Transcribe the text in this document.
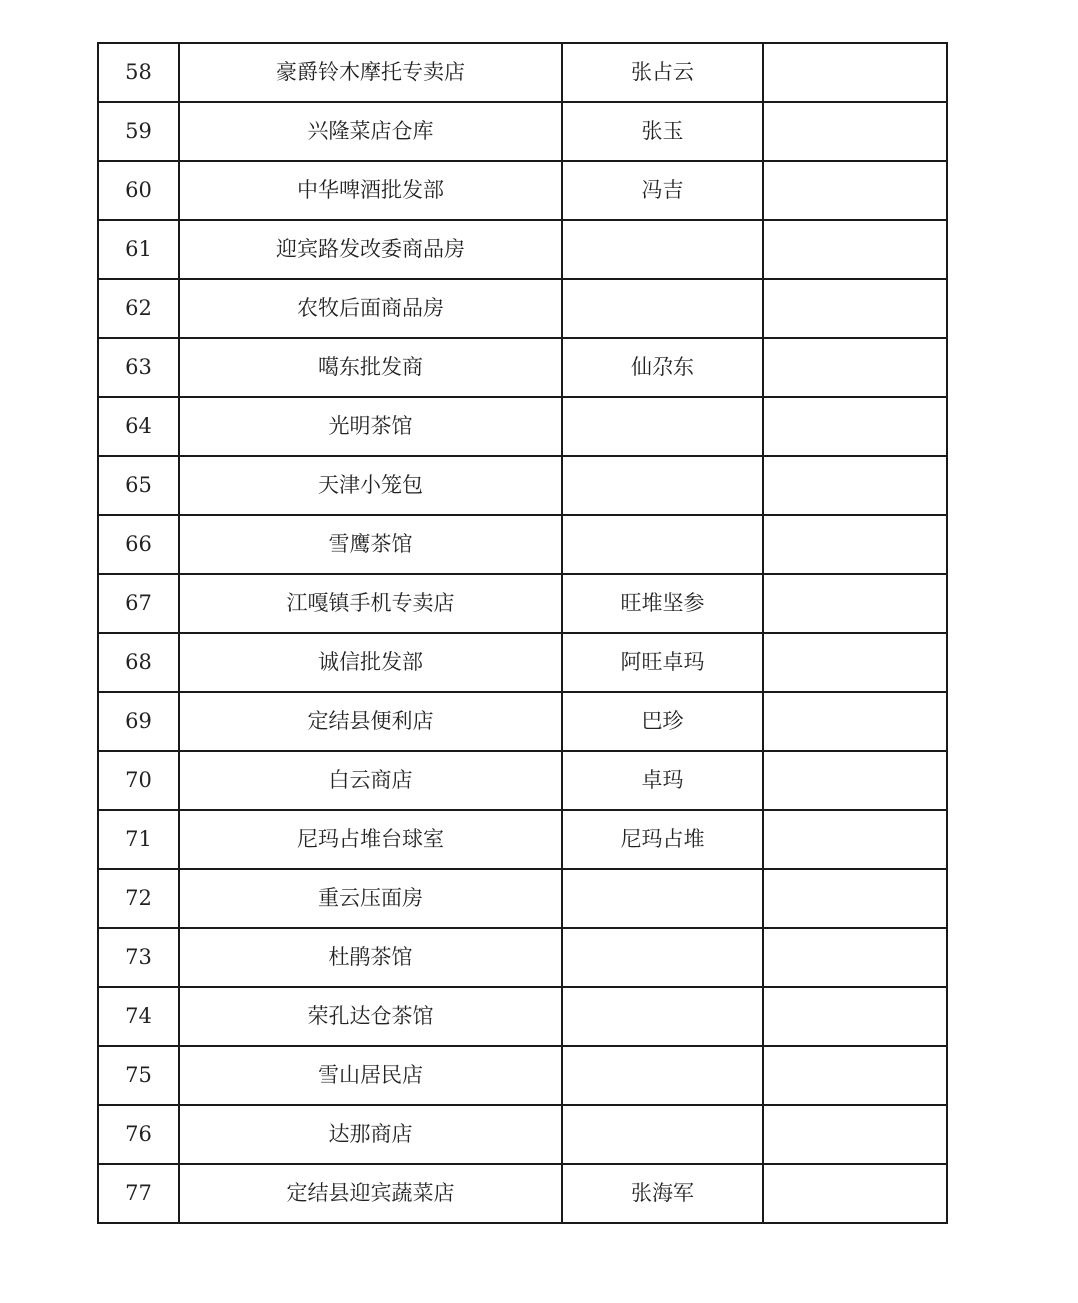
58	豪爵铃木摩托专卖店	张占云	
59	兴隆菜店仓库	张玉	
60	中华啤酒批发部	冯吉	
61	迎宾路发改委商品房		
62	农牧后面商品房		
63	噶东批发商	仙尕东	
64	光明茶馆		
65	天津小笼包		
66	雪鹰茶馆		
67	江嘎镇手机专卖店	旺堆坚参	
68	诚信批发部	阿旺卓玛	
69	定结县便利店	巴珍	
70	白云商店	卓玛	
71	尼玛占堆台球室	尼玛占堆	
72	重云压面房		
73	杜鹃茶馆		
74	荣孔达仓茶馆		
75	雪山居民店		
76	达那商店		
77	定结县迎宾蔬菜店	张海军	
